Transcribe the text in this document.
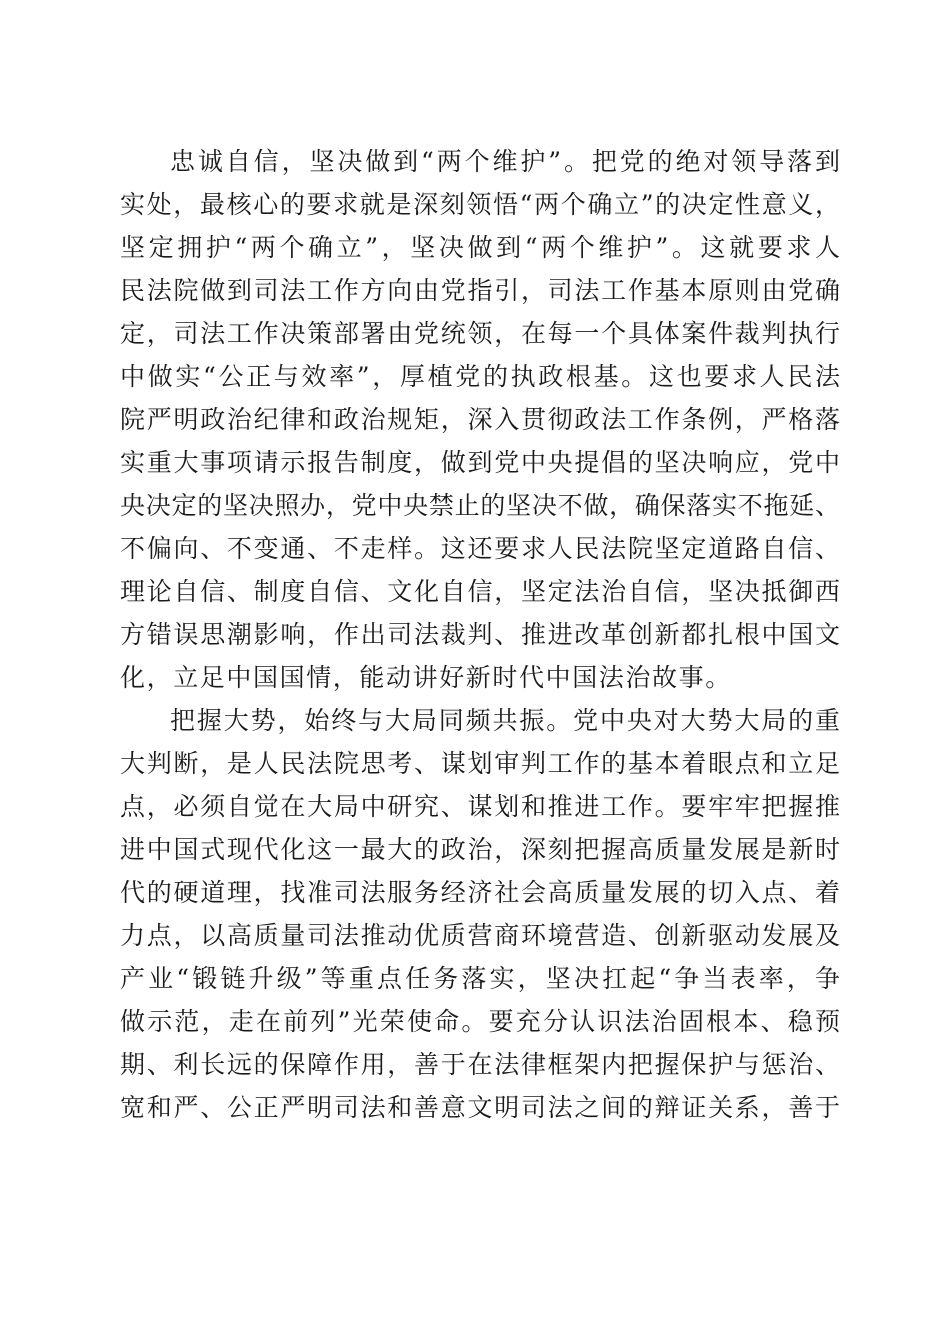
忠诚自信，坚决做到“两个维护”。把党的绝对领导落到
实处，最核心的要求就是深刻领悟“两个确立”的决定性意义，
坚定拥护“两个确立”，坚决做到“两个维护”。这就要求人
民法院做到司法工作方向由党指引，司法工作基本原则由党确
定，司法工作决策部署由党统领，在每一个具体案件裁判执行
中做实“公正与效率”，厚植党的执政根基。这也要求人民法
院严明政治纪律和政治规矩，深入贯彻政法工作条例，严格落
实重大事项请示报告制度，做到党中央提倡的坚决响应，党中
央决定的坚决照办，党中央禁止的坚决不做，确保落实不拖延、
不偏向、不变通、不走样。这还要求人民法院坚定道路自信、
理论自信、制度自信、文化自信，坚定法治自信，坚决抵御西
方错误思潮影响，作出司法裁判、推进改革创新都扎根中国文
化，立足中国国情，能动讲好新时代中国法治故事。
把握大势，始终与大局同频共振。党中央对大势大局的重
大判断，是人民法院思考、谋划审判工作的基本着眼点和立足
点，必须自觉在大局中研究、谋划和推进工作。要牢牢把握推
进中国式现代化这一最大的政治，深刻把握高质量发展是新时
代的硬道理，找准司法服务经济社会高质量发展的切入点、着
力点，以高质量司法推动优质营商环境营造、创新驱动发展及
产业“锻链升级”等重点任务落实，坚决扛起“争当表率，争
做示范，走在前列”光荣使命。要充分认识法治固根本、稳预
期、利长远的保障作用，善于在法律框架内把握保护与惩治、
宽和严、公正严明司法和善意文明司法之间的辩证关系，善于
